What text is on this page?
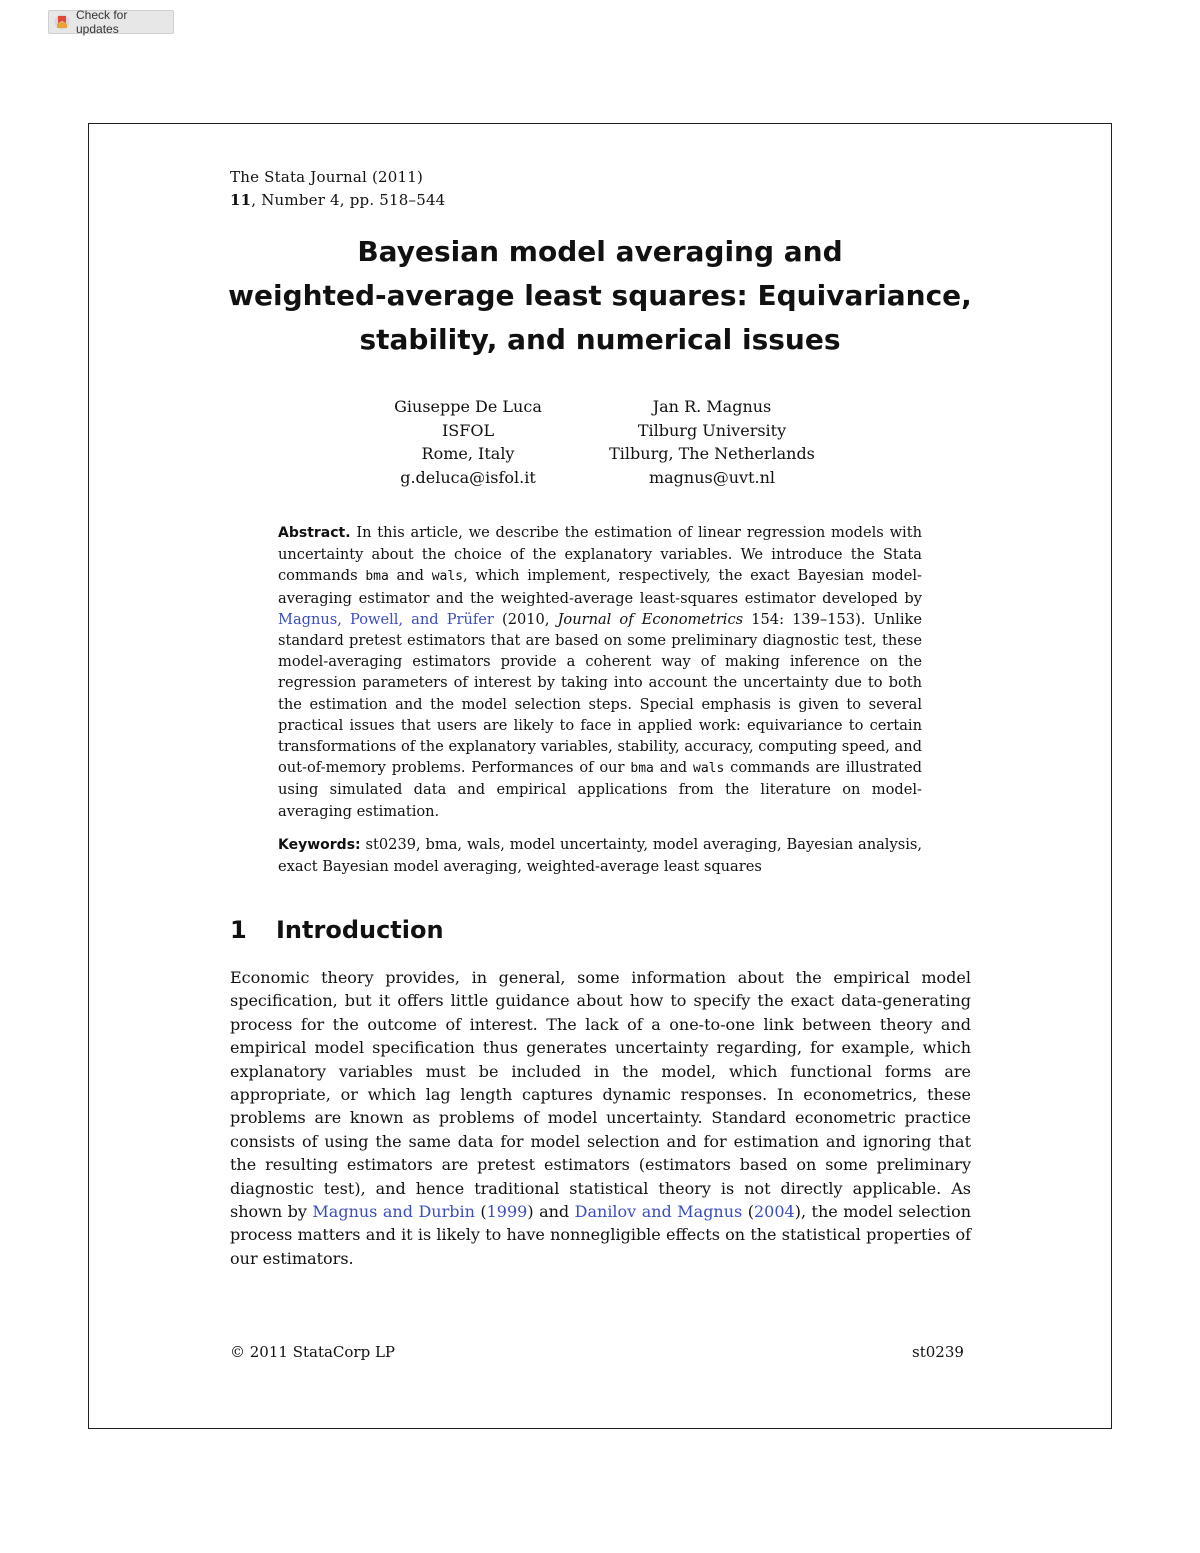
Check for updates
The Stata Journal (2011)
11, Number 4, pp. 518–544
Bayesian model averaging and
weighted-average least squares: Equivariance,
stability, and numerical issues
Giuseppe De Luca
ISFOL
Rome, Italy
g.deluca@isfol.it
Jan R. Magnus
Tilburg University
Tilburg, The Netherlands
magnus@uvt.nl
Abstract. In this article, we describe the estimation of linear regression models with uncertainty about the choice of the explanatory variables. We introduce the Stata commands bma and wals, which implement, respectively, the exact Bayesian model-averaging estimator and the weighted-average least-squares estimator developed by Magnus, Powell, and Prüfer (2010, Journal of Econometrics 154: 139–153). Unlike standard pretest estimators that are based on some preliminary diagnostic test, these model-averaging estimators provide a coherent way of making inference on the regression parameters of interest by taking into account the uncertainty due to both the estimation and the model selection steps. Special emphasis is given to several practical issues that users are likely to face in applied work: equivariance to certain transformations of the explanatory variables, stability, accuracy, computing speed, and out-of-memory problems. Performances of our bma and wals commands are illustrated using simulated data and empirical applications from the literature on model-averaging estimation.
Keywords: st0239, bma, wals, model uncertainty, model averaging, Bayesian analysis, exact Bayesian model averaging, weighted-average least squares
1 Introduction
Economic theory provides, in general, some information about the empirical model specification, but it offers little guidance about how to specify the exact data-generating process for the outcome of interest. The lack of a one-to-one link between theory and empirical model specification thus generates uncertainty regarding, for example, which explanatory variables must be included in the model, which functional forms are appropriate, or which lag length captures dynamic responses. In econometrics, these problems are known as problems of model uncertainty. Standard econometric practice consists of using the same data for model selection and for estimation and ignoring that the resulting estimators are pretest estimators (estimators based on some preliminary diagnostic test), and hence traditional statistical theory is not directly applicable. As shown by Magnus and Durbin (1999) and Danilov and Magnus (2004), the model selection process matters and it is likely to have nonnegligible effects on the statistical properties of our estimators.
© 2011 StataCorp LP	st0239
